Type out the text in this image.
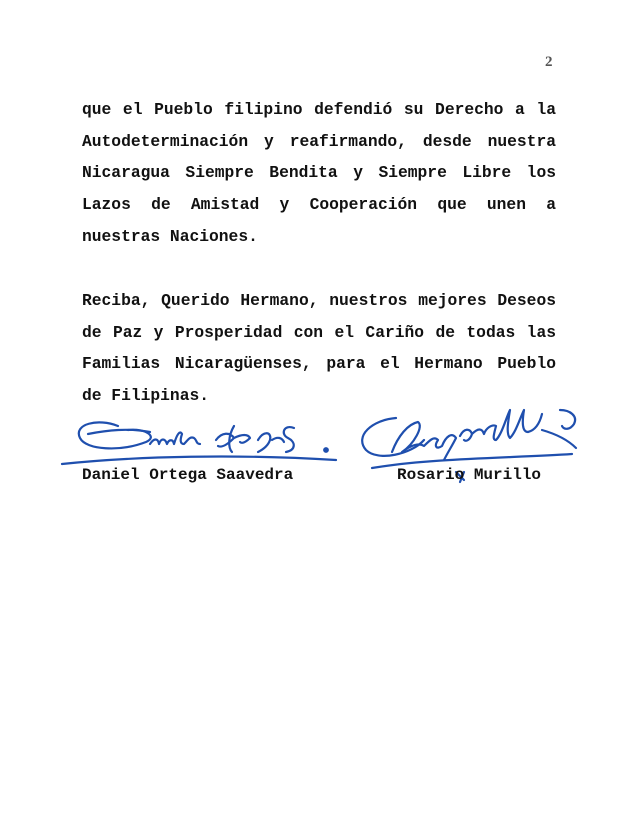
2

que el Pueblo filipino defendió su Derecho a la Autodeterminación y reafirmando, desde nuestra Nicaragua Siempre Bendita y Siempre Libre los Lazos de Amistad y Cooperación que unen a nuestras Naciones.

Reciba, Querido Hermano, nuestros mejores Deseos de Paz y Prosperidad con el Cariño de todas las Familias Nicaragüenses, para el Hermano Pueblo de Filipinas.

Daniel Ortega Saavedra	Rosario Murillo
